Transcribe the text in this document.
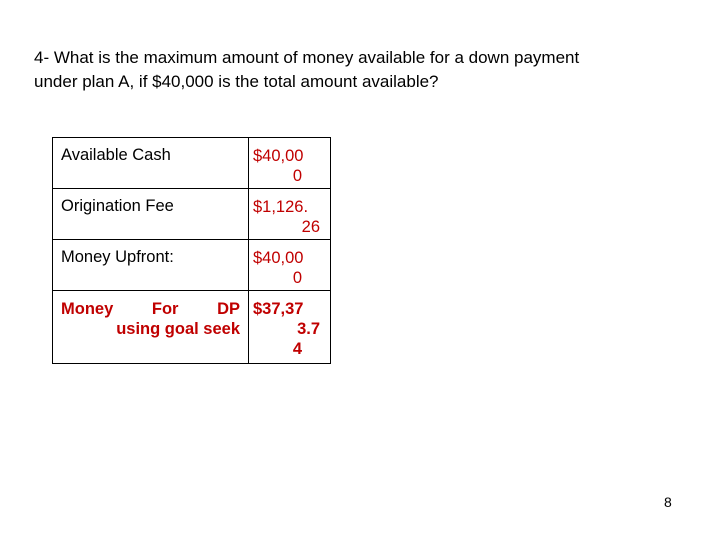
4- What is the maximum amount of money available for a down payment
under plan A, if $40,000 is the total amount available?
Available Cash	$40,00
0

Origination Fee	$1,126.
26

Money Upfront:	$40,00
0

Money For DP
using goal seek	$37,37
3.7
4
8
